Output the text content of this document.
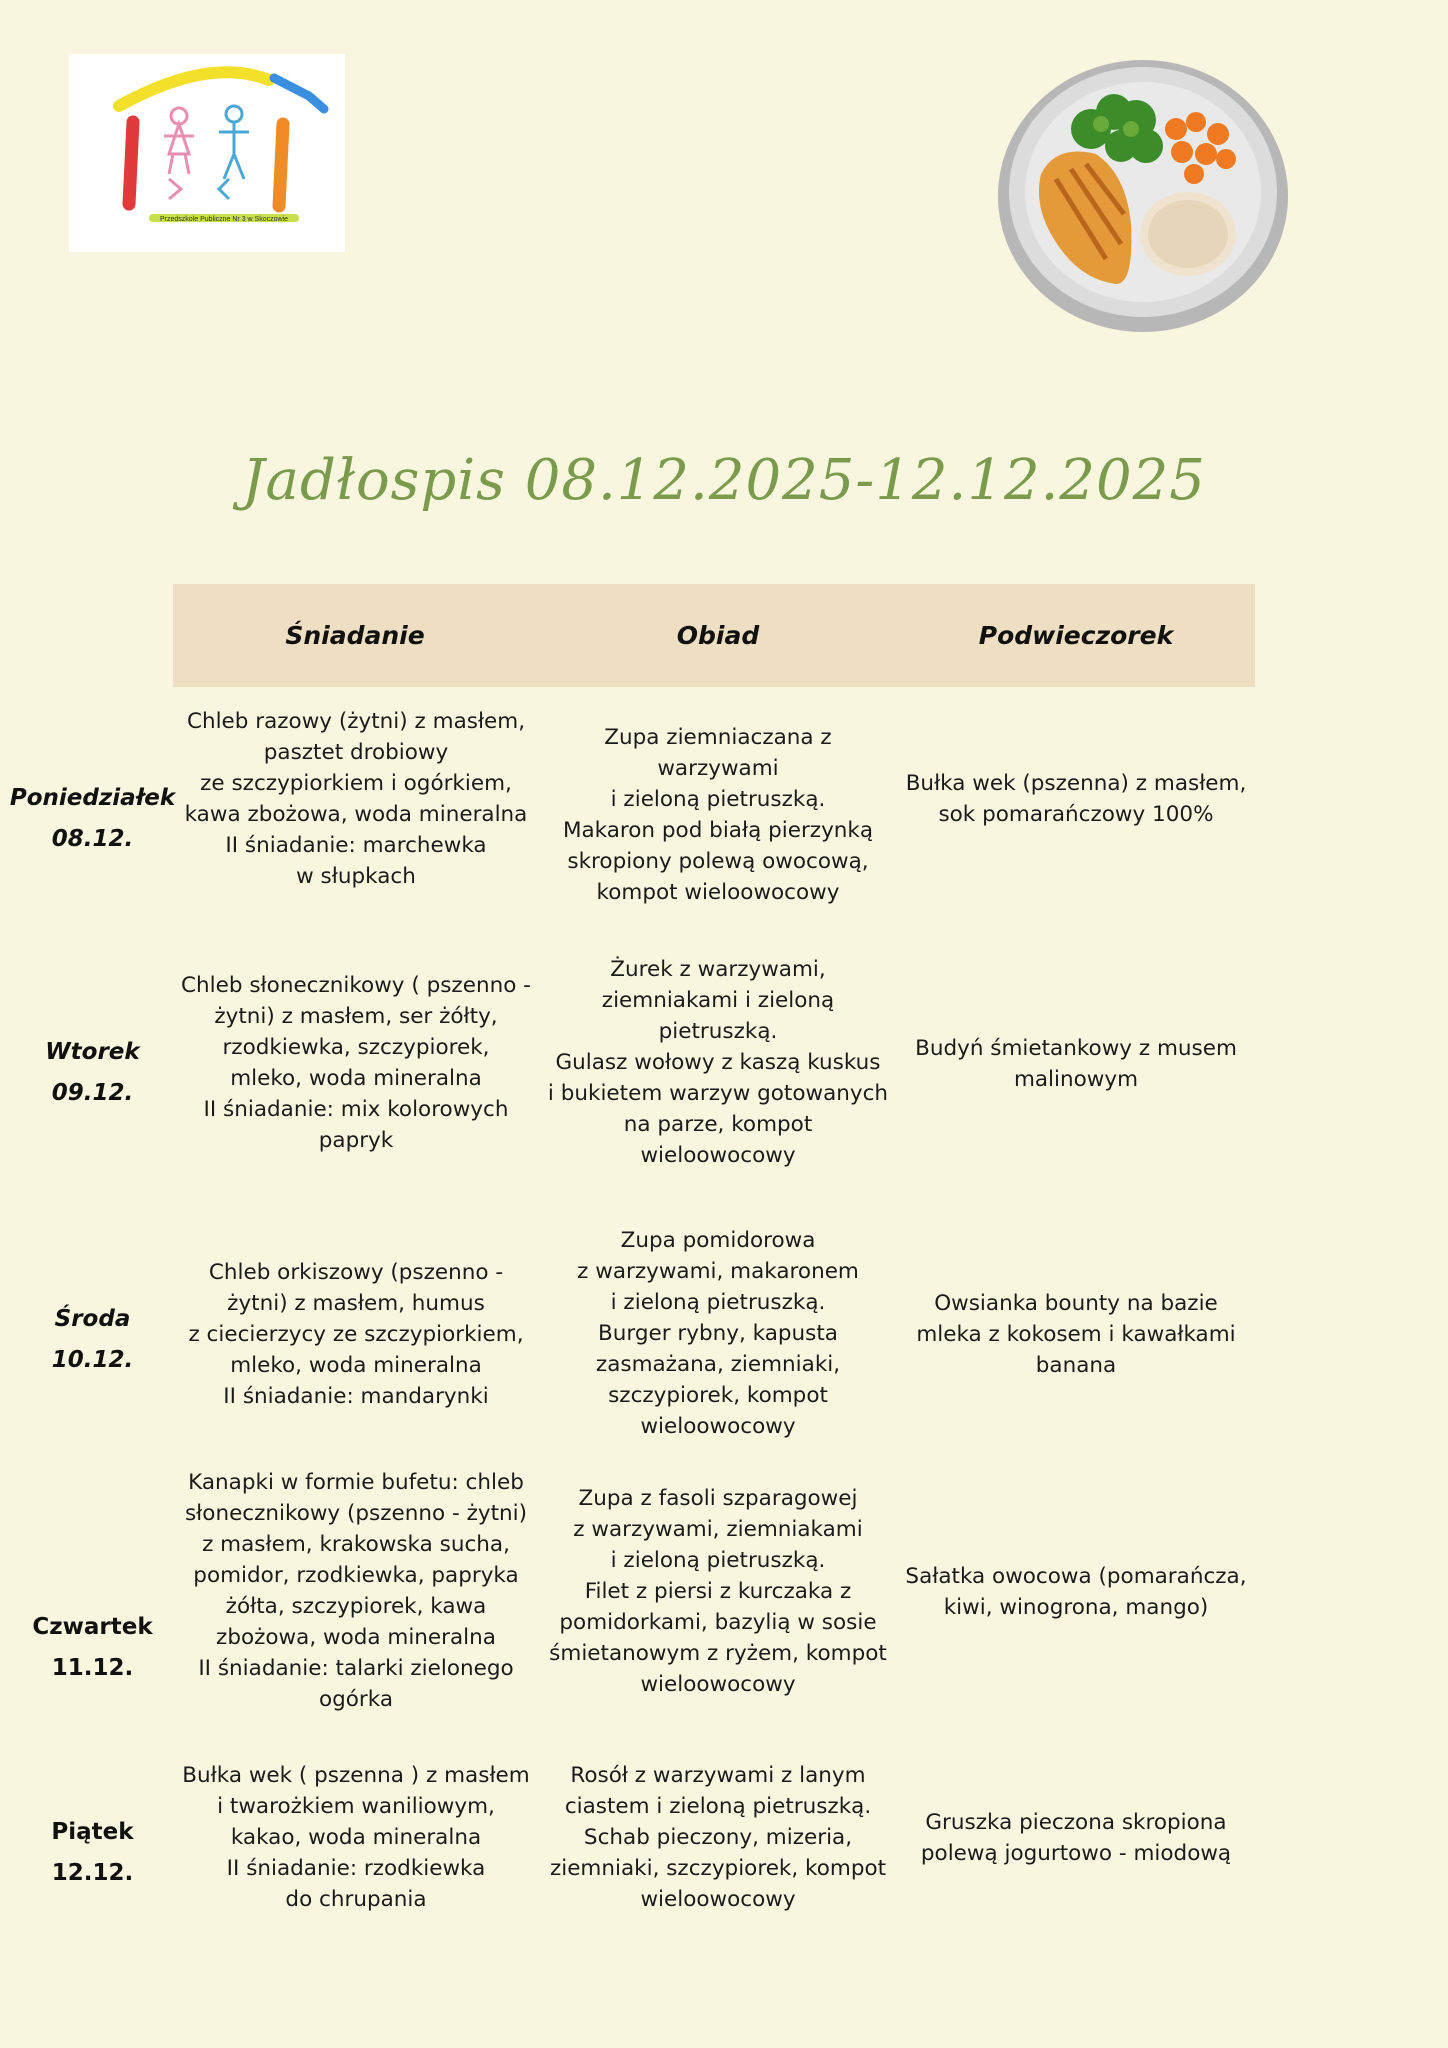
Przedszkole Publiczne Nr 3 w Skoczowie
Jadłospis 08.12.2025-12.12.2025
Śniadanie	Obiad	Podwieczorek
Poniedziałek
08.12.
Chleb razowy (żytni) z masłem,
pasztet drobiowy
ze szczypiorkiem i ogórkiem,
kawa zbożowa, woda mineralna
II śniadanie: marchewka
w słupkach
Zupa ziemniaczana z warzywami
i zieloną pietruszką.
Makaron pod białą pierzynką
skropiony polewą owocową,
kompot wieloowocowy
Bułka wek (pszenna) z masłem,
sok pomarańczowy 100%
Wtorek
09.12.
Chleb słonecznikowy ( pszenno -
żytni) z masłem, ser żółty,
rzodkiewka, szczypiorek,
mleko, woda mineralna
II śniadanie: mix kolorowych
papryk
Żurek z warzywami,
ziemniakami i zieloną
pietruszką.
Gulasz wołowy z kaszą kuskus
i bukietem warzyw gotowanych
na parze, kompot
wieloowocowy
Budyń śmietankowy z musem
malinowym
Środa
10.12.
Chleb orkiszowy (pszenno -
żytni) z masłem, humus
z ciecierzycy ze szczypiorkiem,
mleko, woda mineralna
II śniadanie: mandarynki
Zupa pomidorowa
z warzywami, makaronem
i zieloną pietruszką.
Burger rybny, kapusta
zasmażana, ziemniaki,
szczypiorek, kompot
wieloowocowy
Owsianka bounty na bazie
mleka z kokosem i kawałkami
banana
Czwartek
11.12.
Kanapki w formie bufetu: chleb
słonecznikowy (pszenno - żytni)
z masłem, krakowska sucha,
pomidor, rzodkiewka, papryka
żółta, szczypiorek, kawa
zbożowa, woda mineralna
II śniadanie: talarki zielonego
ogórka
Zupa z fasoli szparagowej
z warzywami, ziemniakami
i zieloną pietruszką.
Filet z piersi z kurczaka z
pomidorkami, bazylią w sosie
śmietanowym z ryżem, kompot
wieloowocowy
Sałatka owocowa (pomarańcza,
kiwi, winogrona, mango)
Piątek
12.12.
Bułka wek ( pszenna ) z masłem
i twarożkiem waniliowym,
kakao, woda mineralna
II śniadanie: rzodkiewka
do chrupania
Rosół z warzywami z lanym
ciastem i zieloną pietruszką.
Schab pieczony, mizeria,
ziemniaki, szczypiorek, kompot
wieloowocowy
Gruszka pieczona skropiona
polewą jogurtowo - miodową
